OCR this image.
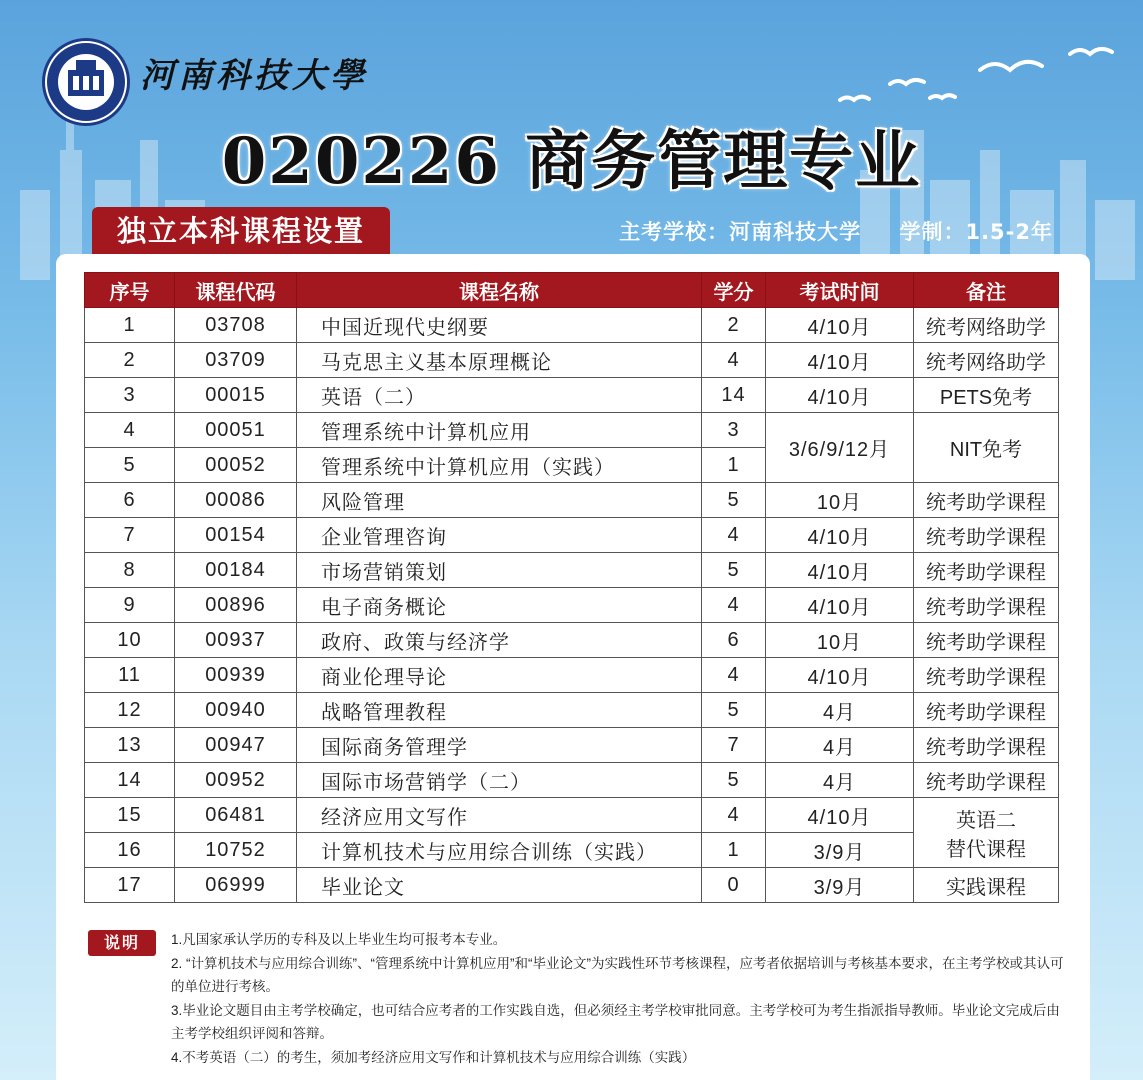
河南科技大學
020226 商务管理专业
独立本科课程设置	主考学校：河南科技大学 学制：1.5-2年
序号	课程代码	课程名称	学分	考试时间	备注
1	03708	中国近现代史纲要	2	4/10月	统考网络助学
2	03709	马克思主义基本原理概论	4	4/10月	统考网络助学
3	00015	英语（二）	14	4/10月	PETS免考
4	00051	管理系统中计算机应用	3	3/6/9/12月	NIT免考
5	00052	管理系统中计算机应用（实践）	1		
6	00086	风险管理	5	10月	统考助学课程
7	00154	企业管理咨询	4	4/10月	统考助学课程
8	00184	市场营销策划	5	4/10月	统考助学课程
9	00896	电子商务概论	4	4/10月	统考助学课程
10	00937	政府、政策与经济学	6	10月	统考助学课程
11	00939	商业伦理导论	4	4/10月	统考助学课程
12	00940	战略管理教程	5	4月	统考助学课程
13	00947	国际商务管理学	7	4月	统考助学课程
14	00952	国际市场营销学（二）	5	4月	统考助学课程
15	06481	经济应用文写作	4	4/10月	英语二
替代课程

16	10752	计算机技术与应用综合训练（实践）	1	3/9月	
17	06999	毕业论文	0	3/9月	实践课程
说明	1.凡国家承认学历的专科及以上毕业生均可报考本专业。
2. “计算机技术与应用综合训练”、“管理系统中计算机应用”和“毕业论文”为实践性环节考核课程，应考者依据培训与考核基本要求，在主考学校或其认可的单位进行考核。
3.毕业论文题目由主考学校确定，也可结合应考者的工作实践自选，但必须经主考学校审批同意。主考学校可为考生指派指导教师。毕业论文完成后由主考学校组织评阅和答辩。
4.不考英语（二）的考生，须加考经济应用文写作和计算机技术与应用综合训练（实践）
